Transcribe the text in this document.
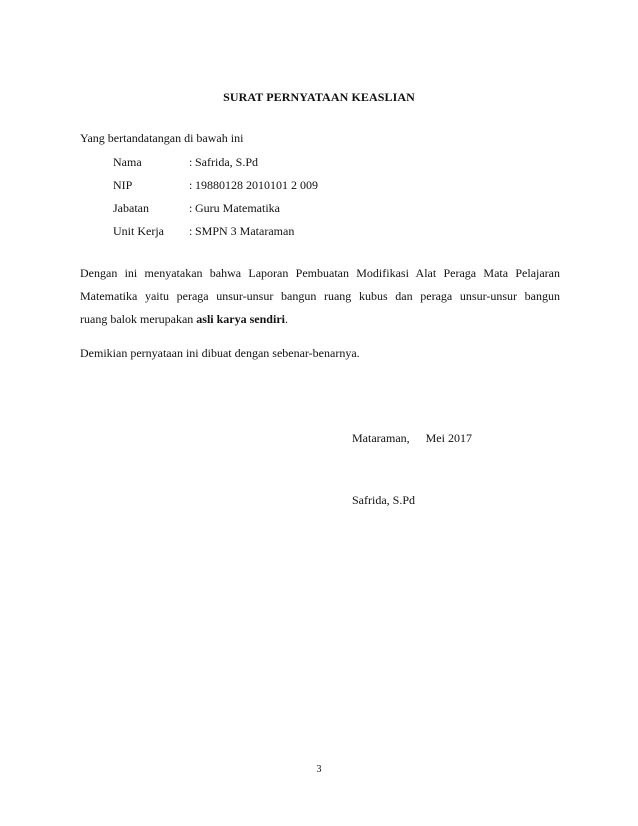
SURAT PERNYATAAN KEASLIAN
Yang bertandatangan di bawah ini
Nama	: Safrida, S.Pd
NIP	: 19880128 2010101 2 009
Jabatan	: Guru Matematika
Unit Kerja	: SMPN 3 Mataraman
Dengan ini menyatakan bahwa Laporan Pembuatan Modifikasi Alat Peraga Mata Pelajaran
Matematika yaitu peraga unsur-unsur bangun ruang kubus dan peraga unsur-unsur bangun
ruang balok merupakan asli karya sendiri.
Demikian pernyataan ini dibuat dengan sebenar-benarnya.
Mataraman, Mei 2017
Safrida, S.Pd
3
